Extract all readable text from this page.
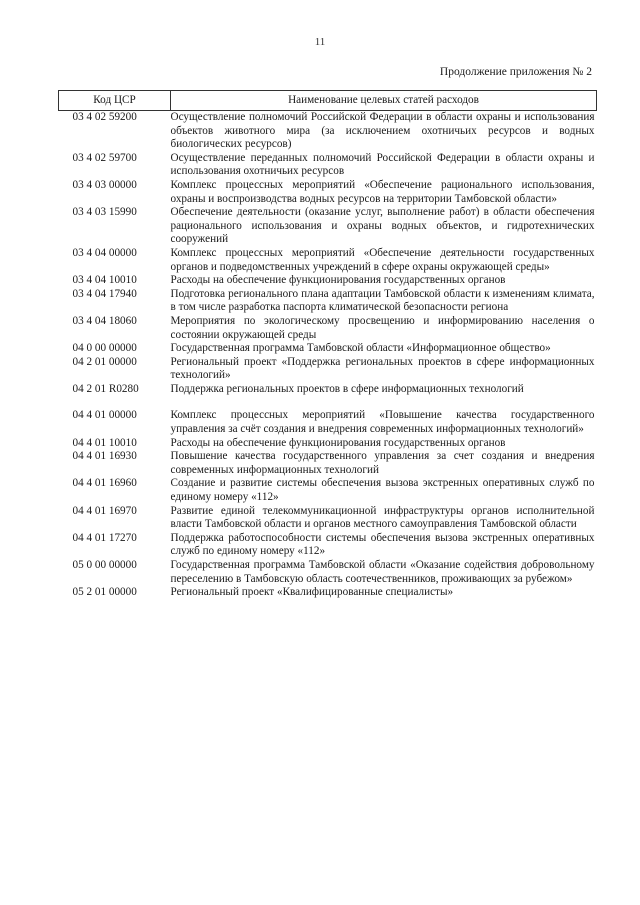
11
Продолжение приложения № 2
Код ЦСР	Наименование целевых статей расходов
03 4 02 59200	Осуществление полномочий Российской Федерации в области охраны и использования объектов животного мира (за исключением охотничьих ресурсов и водных биологических ресурсов)
03 4 02 59700	Осуществление переданных полномочий Российской Федерации в области охраны и использования охотничьих ресурсов
03 4 03 00000	Комплекс процессных мероприятий «Обеспечение рационального использования, охраны и воспроизводства водных ресурсов на территории Тамбовской области»
03 4 03 15990	Обеспечение деятельности (оказание услуг, выполнение работ) в области обеспечения рационального использования и охраны водных объектов, и гидротехнических сооружений
03 4 04 00000	Комплекс процессных мероприятий «Обеспечение деятельности государственных органов и подведомственных учреждений в сфере охраны окружающей среды»
03 4 04 10010	Расходы на обеспечение функционирования государственных органов
03 4 04 17940	Подготовка регионального плана адаптации Тамбовской области к изменениям климата, в том числе разработка паспорта климатической безопасности региона
03 4 04 18060	Мероприятия по экологическому просвещению и информированию населения о состоянии окружающей среды
04 0 00 00000	Государственная программа Тамбовской области «Информационное общество»
04 2 01 00000	Региональный проект «Поддержка региональных проектов в сфере информационных технологий»
04 2 01 R0280	Поддержка региональных проектов в сфере информационных технологий
04 4 01 00000	Комплекс процессных мероприятий «Повышение качества государственного управления за счёт создания и внедрения современных информационных технологий»
04 4 01 10010	Расходы на обеспечение функционирования государственных органов
04 4 01 16930	Повышение качества государственного управления за счет создания и внедрения современных информационных технологий
04 4 01 16960	Создание и развитие системы обеспечения вызова экстренных оперативных служб по единому номеру «112»
04 4 01 16970	Развитие единой телекоммуникационной инфраструктуры органов исполнительной власти Тамбовской области и органов местного самоуправления Тамбовской области
04 4 01 17270	Поддержка работоспособности системы обеспечения вызова экстренных оперативных служб по единому номеру «112»
05 0 00 00000	Государственная программа Тамбовской области «Оказание содействия добровольному переселению в Тамбовскую область соотечественников, проживающих за рубежом»
05 2 01 00000	Региональный проект «Квалифицированные специалисты»
